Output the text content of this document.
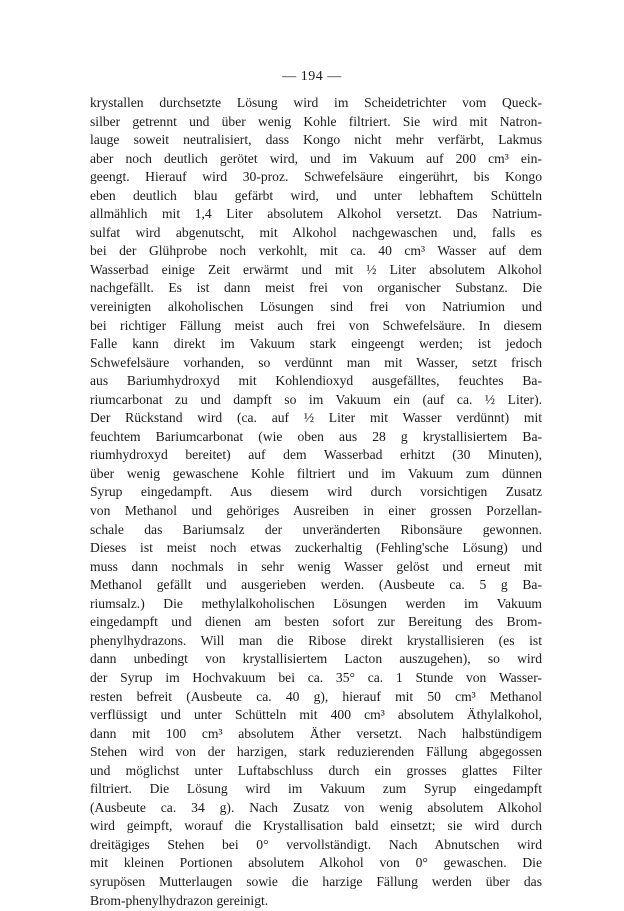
— 194 —
krystallen durchsetzte Lösung wird im Scheidetrichter vom Queck-
silber getrennt und über wenig Kohle filtriert. Sie wird mit Natron-
lauge soweit neutralisiert, dass Kongo nicht mehr verfärbt, Lakmus
aber noch deutlich gerötet wird, und im Vakuum auf 200 cm³ ein-
geengt. Hierauf wird 30-proz. Schwefelsäure eingerührt, bis Kongo
eben deutlich blau gefärbt wird, und unter lebhaftem Schütteln
allmählich mit 1,4 Liter absolutem Alkohol versetzt. Das Natrium-
sulfat wird abgenutscht, mit Alkohol nachgewaschen und, falls es
bei der Glühprobe noch verkohlt, mit ca. 40 cm³ Wasser auf dem
Wasserbad einige Zeit erwärmt und mit ½ Liter absolutem Alkohol
nachgefällt. Es ist dann meist frei von organischer Substanz. Die
vereinigten alkoholischen Lösungen sind frei von Natriumion und
bei richtiger Fällung meist auch frei von Schwefelsäure. In diesem
Falle kann direkt im Vakuum stark eingeengt werden; ist jedoch
Schwefelsäure vorhanden, so verdünnt man mit Wasser, setzt frisch
aus Bariumhydroxyd mit Kohlendioxyd ausgefälltes, feuchtes Ba-
riumcarbonat zu und dampft so im Vakuum ein (auf ca. ½ Liter).
Der Rückstand wird (ca. auf ½ Liter mit Wasser verdünnt) mit
feuchtem Bariumcarbonat (wie oben aus 28 g krystallisiertem Ba-
riumhydroxyd bereitet) auf dem Wasserbad erhitzt (30 Minuten),
über wenig gewaschene Kohle filtriert und im Vakuum zum dünnen
Syrup eingedampft. Aus diesem wird durch vorsichtigen Zusatz
von Methanol und gehöriges Ausreiben in einer grossen Porzellan-
schale das Bariumsalz der unveränderten Ribonsäure gewonnen.
Dieses ist meist noch etwas zuckerhaltig (Fehling'sche Lösung) und
muss dann nochmals in sehr wenig Wasser gelöst und erneut mit
Methanol gefällt und ausgerieben werden. (Ausbeute ca. 5 g Ba-
riumsalz.) Die methylalkoholischen Lösungen werden im Vakuum
eingedampft und dienen am besten sofort zur Bereitung des Brom-
phenylhydrazons. Will man die Ribose direkt krystallisieren (es ist
dann unbedingt von krystallisiertem Lacton auszugehen), so wird
der Syrup im Hochvakuum bei ca. 35° ca. 1 Stunde von Wasser-
resten befreit (Ausbeute ca. 40 g), hierauf mit 50 cm³ Methanol
verflüssigt und unter Schütteln mit 400 cm³ absolutem Äthylalkohol,
dann mit 100 cm³ absolutem Äther versetzt. Nach halbstündigem
Stehen wird von der harzigen, stark reduzierenden Fällung abgegossen
und möglichst unter Luftabschluss durch ein grosses glattes Filter
filtriert. Die Lösung wird im Vakuum zum Syrup eingedampft
(Ausbeute ca. 34 g). Nach Zusatz von wenig absolutem Alkohol
wird geimpft, worauf die Krystallisation bald einsetzt; sie wird durch
dreitägiges Stehen bei 0° vervollständigt. Nach Abnutschen wird
mit kleinen Portionen absolutem Alkohol von 0° gewaschen. Die
syrupösen Mutterlaugen sowie die harzige Fällung werden über das
Brom-phenylhydrazon gereinigt.
